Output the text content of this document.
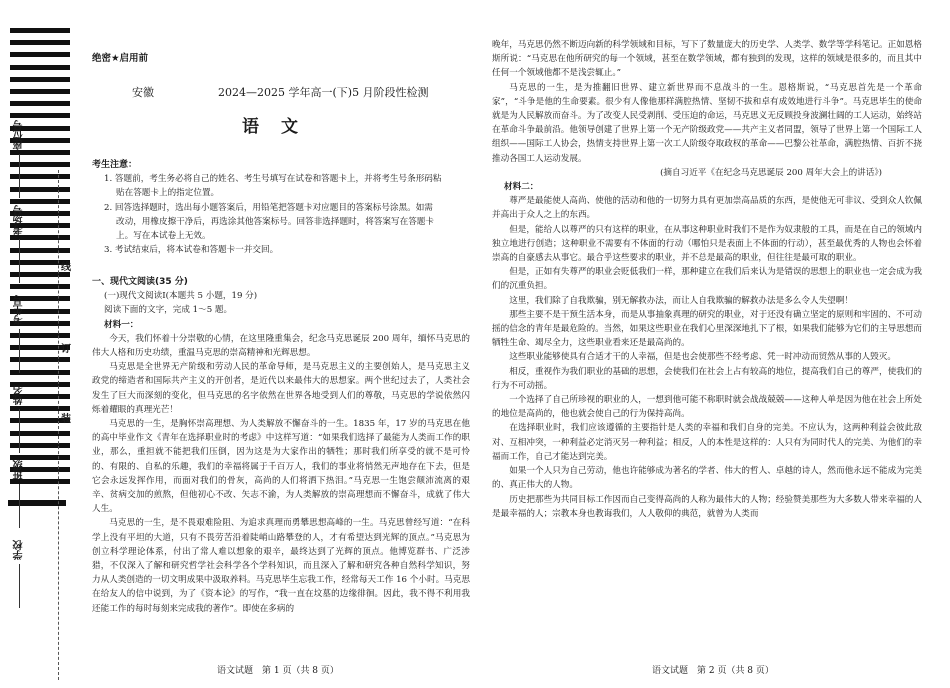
座位号
考场号
考生号
姓名
班级
学校
线
订
装
绝密★启用前
安徽	2024—2025 学年高一(下)5 月阶段性检测
语文
考生注意：
1. 答题前，考生务必将自己的姓名、考生号填写在试卷和答题卡上，并将考生号条形码粘
贴在答题卡上的指定位置。
2. 回答选择题时，选出每小题答案后，用铅笔把答题卡对应题目的答案标号涂黑。如需
改动，用橡皮擦干净后，再选涂其他答案标号。回答非选择题时，将答案写在答题卡
上。写在本试卷上无效。
3. 考试结束后，将本试卷和答题卡一并交回。
一、现代文阅读(35 分)
(一)现代文阅读Ⅰ(本题共 5 小题，19 分)
阅读下面的文字，完成 1～5 题。
材料一：

今天，我们怀着十分崇敬的心情，在这里隆重集会，纪念马克思诞辰 200 周年，缅怀马克思的伟大人格和历史功绩，重温马克思的崇高精神和光辉思想。

马克思是全世界无产阶级和劳动人民的革命导师，是马克思主义的主要创始人，是马克思主义政党的缔造者和国际共产主义的开创者，是近代以来最伟大的思想家。两个世纪过去了，人类社会发生了巨大而深刻的变化，但马克思的名字依然在世界各地受到人们的尊敬，马克思的学说依然闪烁着耀眼的真理光芒！

马克思的一生，是胸怀崇高理想、为人类解放不懈奋斗的一生。1835 年，17 岁的马克思在他的高中毕业作文《青年在选择职业时的考虑》中这样写道：“如果我们选择了最能为人类而工作的职业，那么，重担就不能把我们压倒，因为这是为大家作出的牺牲；那时我们所享受的就不是可怜的、有限的、自私的乐趣，我们的幸福将属于千百万人，我们的事业将悄然无声地存在下去，但是它会永远发挥作用，而面对我们的骨灰，高尚的人们将洒下热泪。”马克思一生饱尝颠沛流离的艰辛、贫病交加的煎熬，但他初心不改、矢志不渝，为人类解放的崇高理想而不懈奋斗，成就了伟大人生。

马克思的一生，是不畏艰难险阻、为追求真理而勇攀思想高峰的一生。马克思曾经写道：“在科学上没有平坦的大道，只有不畏劳苦沿着陡峭山路攀登的人，才有希望达到光辉的顶点。”马克思为创立科学理论体系，付出了常人难以想象的艰辛，最终达到了光辉的顶点。他博览群书、广泛涉猎，不仅深入了解和研究哲学社会科学各个学科知识，而且深入了解和研究各种自然科学知识，努力从人类创造的一切文明成果中汲取养料。马克思毕生忘我工作，经常每天工作 16 个小时。马克思在给友人的信中说到，为了《资本论》的写作，“我一直在坟墓的边缘徘徊。因此，我不得不利用我还能工作的每时每刻来完成我的著作”。即使在多病的

语文试题　第 1 页（共 8 页）

晚年，马克思仍然不断迈向新的科学领域和目标，写下了数量庞大的历史学、人类学、数学等学科笔记。正如恩格斯所说：“马克思在他所研究的每一个领域，甚至在数学领域，都有独到的发现，这样的领域是很多的，而且其中任何一个领域他都不是浅尝辄止。”

马克思的一生，是为推翻旧世界、建立新世界而不息战斗的一生。恩格斯说，“马克思首先是一个革命家”，“斗争是他的生命要素。很少有人像他那样满腔热情、坚韧不拔和卓有成效地进行斗争”。马克思毕生的使命就是为人民解放而奋斗。为了改变人民受剥削、受压迫的命运，马克思义无反顾投身波澜壮阔的工人运动，始终站在革命斗争最前沿。他领导创建了世界上第一个无产阶级政党——共产主义者同盟，领导了世界上第一个国际工人组织——国际工人协会，热情支持世界上第一次工人阶级夺取政权的革命——巴黎公社革命，满腔热情、百折不挠推动各国工人运动发展。

(摘自习近平《在纪念马克思诞辰 200 周年大会上的讲话》)
材料二：

尊严是最能使人高尚、使他的活动和他的一切努力具有更加崇高品质的东西，是使他无可非议、受到众人钦佩并高出于众人之上的东西。

但是，能给人以尊严的只有这样的职业，在从事这种职业时我们不是作为奴隶般的工具，而是在自己的领域内独立地进行创造；这种职业不需要有不体面的行动（哪怕只是表面上不体面的行动），甚至最优秀的人物也会怀着崇高的自豪感去从事它。最合乎这些要求的职业，并不总是最高的职业，但往往是最可取的职业。

但是，正如有失尊严的职业会贬低我们一样，那种建立在我们后来认为是错误的思想上的职业也一定会成为我们的沉重负担。

这里，我们除了自我欺骗，别无解救办法，而让人自我欺骗的解救办法是多么令人失望啊！

那些主要不是干预生活本身，而是从事抽象真理的研究的职业，对于还没有确立坚定的原则和牢固的、不可动摇的信念的青年是最危险的。当然，如果这些职业在我们心里深深地扎下了根，如果我们能够为它们的主导思想而牺牲生命、竭尽全力，这些职业看来还是最高尚的。

这些职业能够使具有合适才干的人幸福，但是也会使那些不经考虑、凭一时冲动而贸然从事的人毁灭。

相反，重视作为我们职业的基础的思想，会使我们在社会上占有较高的地位，提高我们自己的尊严，使我们的行为不可动摇。

一个选择了自己所珍视的职业的人，一想到他可能不称职时就会战战兢兢——这种人单是因为他在社会上所处的地位是高尚的，他也就会使自己的行为保持高尚。

在选择职业时，我们应该遵循的主要指针是人类的幸福和我们自身的完美。不应认为，这两种利益会彼此敌对、互相冲突，一种利益必定消灭另一种利益；相反，人的本性是这样的：人只有为同时代人的完美、为他们的幸福而工作，自己才能达到完美。

如果一个人只为自己劳动，他也许能够成为著名的学者、伟大的哲人、卓越的诗人，然而他永远不能成为完美的、真正伟大的人物。

历史把那些为共同目标工作因而自己变得高尚的人称为最伟大的人物；经验赞美那些为大多数人带来幸福的人是最幸福的人；宗教本身也教诲我们，人人敬仰的典范，就曾为人类而

语文试题　第 2 页（共 8 页）
